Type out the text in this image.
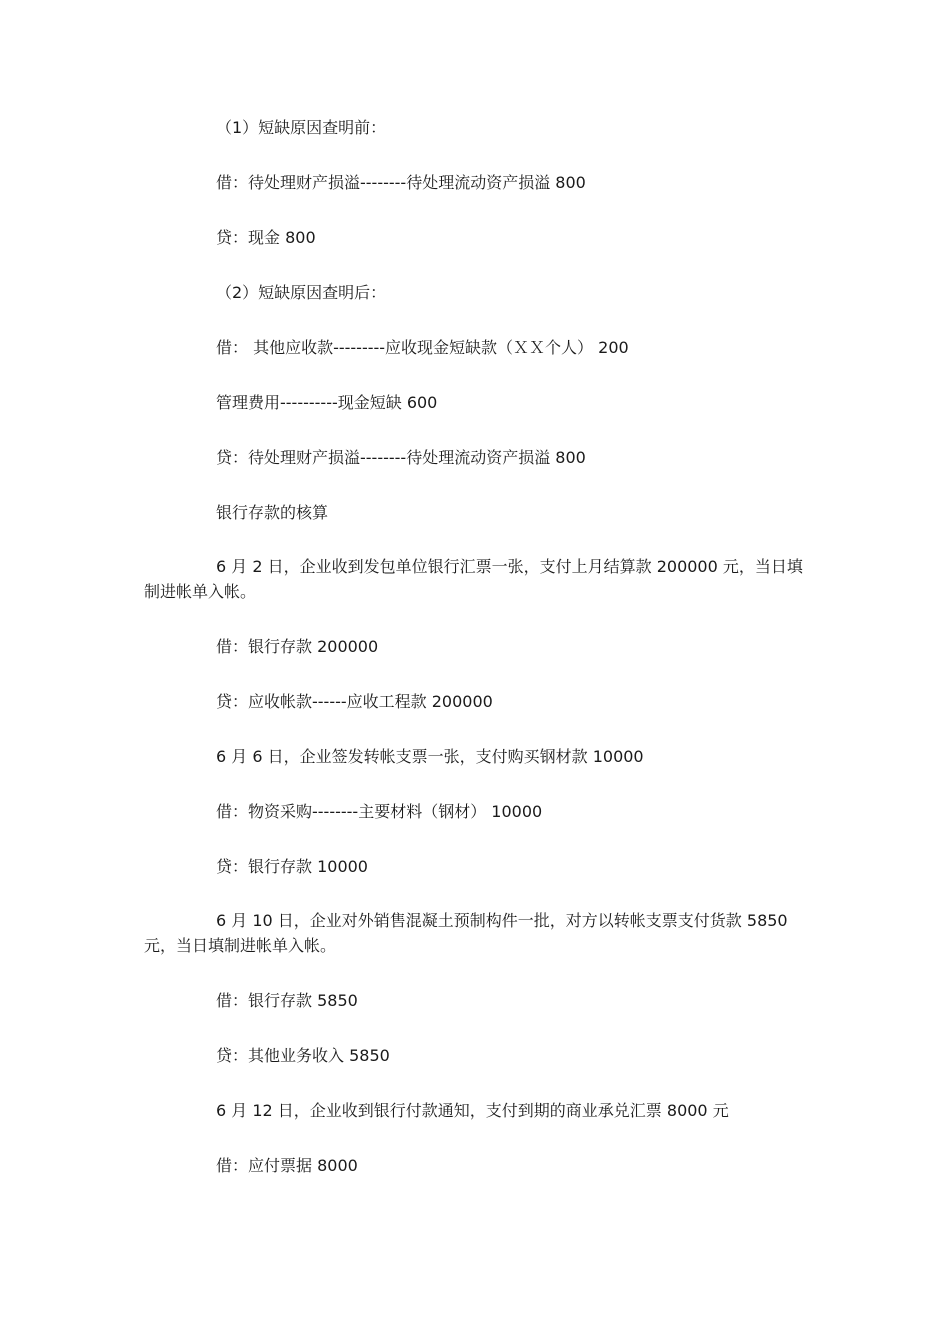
（1）短缺原因查明前：
借：待处理财产损溢--------待处理流动资产损溢 800
贷：现金 800
（2）短缺原因查明后：
借： 其他应收款---------应收现金短缺款（ＸＸ个人） 200
管理费用----------现金短缺 600
贷：待处理财产损溢--------待处理流动资产损溢 800
银行存款的核算
6 月 2 日，企业收到发包单位银行汇票一张，支付上月结算款 200000 元，当日填制进帐单入帐。
借：银行存款 200000
贷：应收帐款------应收工程款 200000
6 月 6 日，企业签发转帐支票一张，支付购买钢材款 10000
借：物资采购--------主要材料（钢材） 10000
贷：银行存款 10000
6 月 10 日，企业对外销售混凝土预制构件一批，对方以转帐支票支付货款 5850 元，当日填制进帐单入帐。
借：银行存款 5850
贷：其他业务收入 5850
6 月 12 日，企业收到银行付款通知，支付到期的商业承兑汇票 8000 元
借：应付票据 8000
